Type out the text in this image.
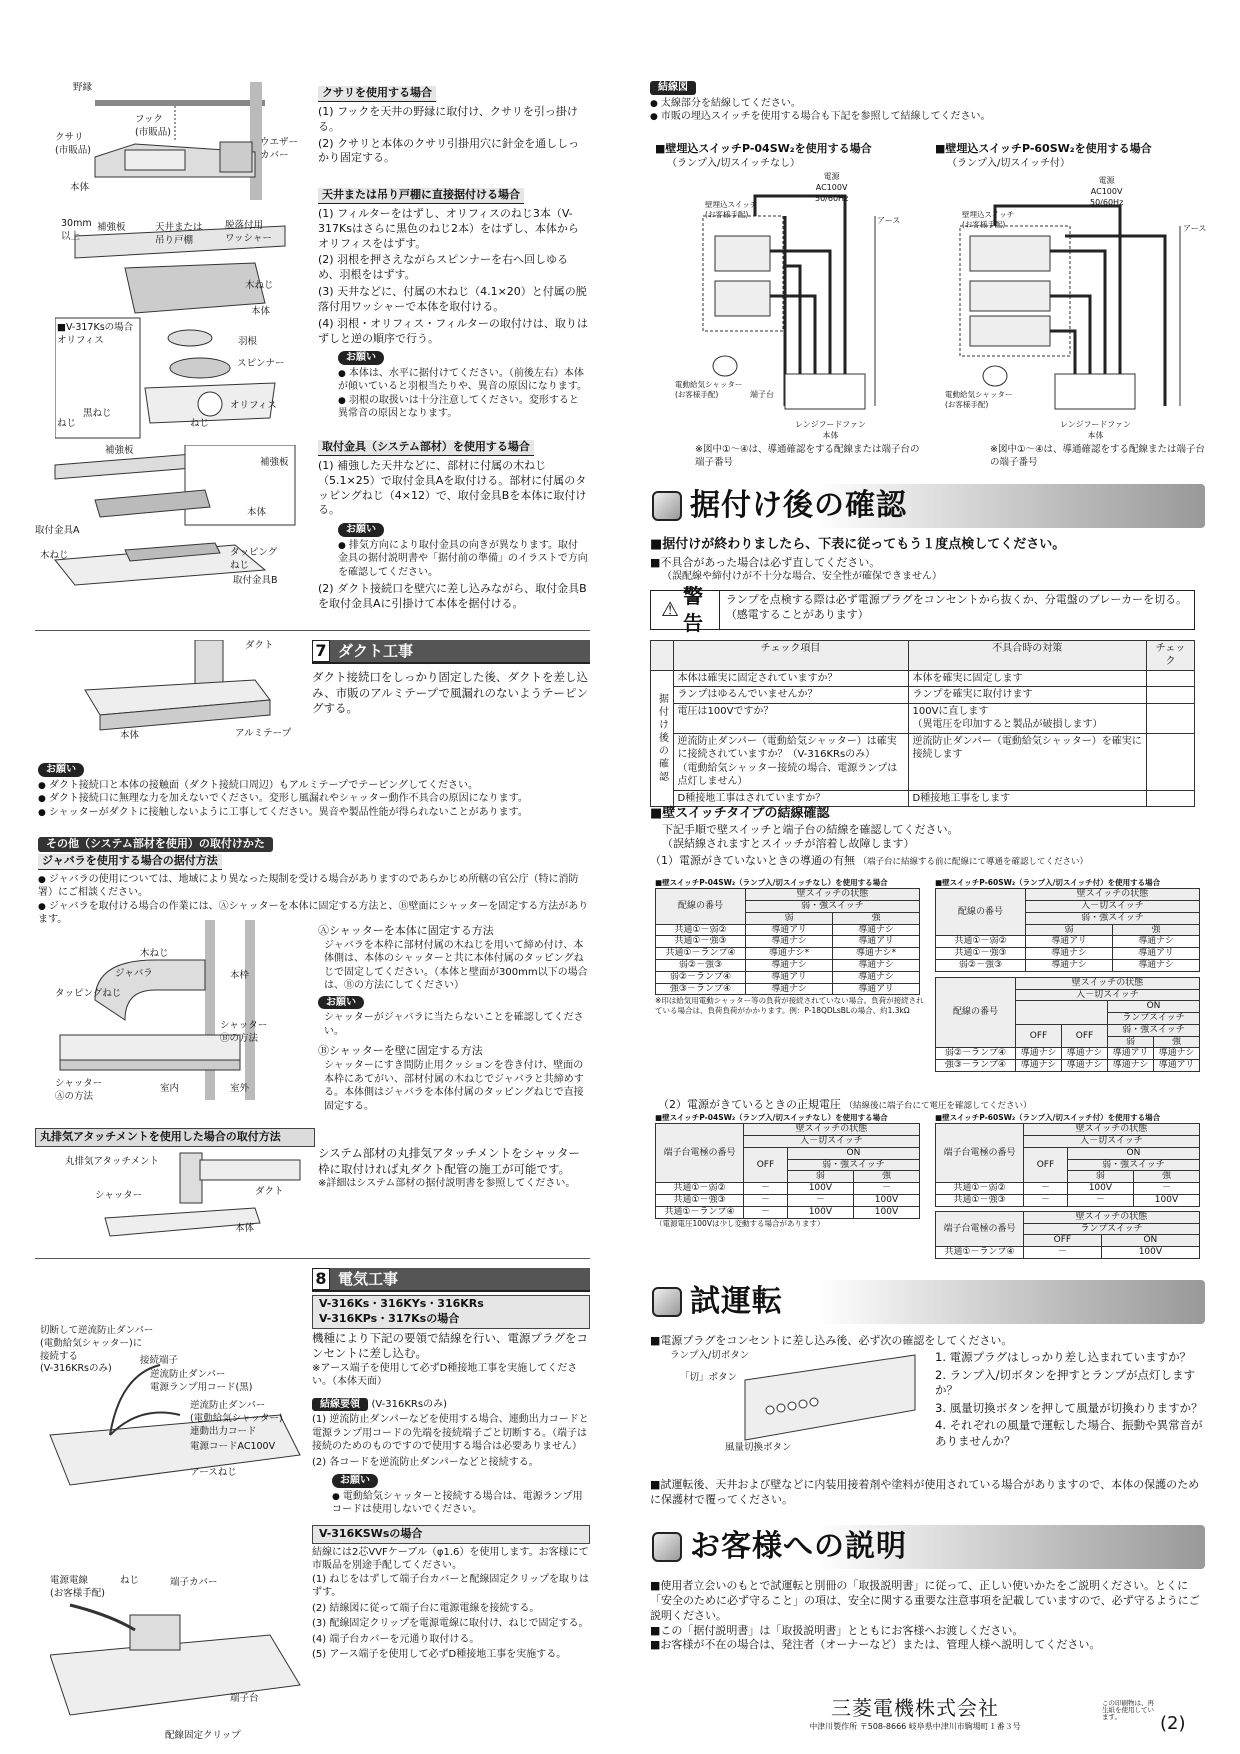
野縁
フック
(市販品)
クサリ
(市販品)
ウエザー
カバー
本体
クサリを使用する場合
(1) フックを天井の野縁に取付け、クサリを引っ掛ける。
(2) クサリと本体のクサリ引掛用穴に針金を通ししっかり固定する。
30mm
以上
補強板	天井または
吊り戸棚
脱落付用
ワッシャー
木ねじ
本体
■V-317Ksの場合
オリフィス	羽根
スピンナー
ねじ
黒ねじ
ねじ
オリフィス
天井または吊り戸棚に直接据付ける場合
(1) フィルターをはずし、オリフィスのねじ3本（V-317Ksはさらに黒色のねじ2本）をはずし、本体からオリフィスをはずす。
(2) 羽根を押さえながらスピンナーを右へ回しゆるめ、羽根をはずす。
(3) 天井などに、付属の木ねじ（4.1×20）と付属の脱落付用ワッシャーで本体を取付ける。
(4) 羽根・オリフィス・フィルターの取付けは、取りはずしと逆の順序で行う。
お願い
● 本体は、水平に据付けてください。（前後左右）本体が傾いていると羽根当たりや、異音の原因になります。
● 羽根の取扱いは十分注意してください。変形すると異常音の原因となります。
補強板
補強板
本体
取付金具A
木ねじ	タッピング
ねじ
取付金具B
取付金具（システム部材）を使用する場合
(1) 補強した天井などに、部材に付属の木ねじ（5.1×25）で取付金具Aを取付ける。部材に付属のタッピングねじ（4×12）で、取付金具Bを本体に取付ける。
お願い
● 排気方向により取付金具の向きが異なります。取付金具の据付説明書や「据付前の準備」のイラストで方向を確認してください。
(2) ダクト接続口を壁穴に差し込みながら、取付金具Bを取付金具Aに引掛けて本体を据付ける。
7 ダクト工事

ダクト接続口をしっかり固定した後、ダクトを差し込み、市販のアルミテープで風漏れのないようテーピングする。

ダクト
本体	アルミテープ
お願い
● ダクト接続口と本体の接触面（ダクト接続口周辺）もアルミテープでテーピングしてください。
● ダクト接続口に無理な力を加えないでください。変形し風漏れやシャッター動作不具合の原因になります。
● シャッターがダクトに接触しないように工事してください。異音や製品性能が得られないことがあります。
その他（システム部材を使用）の取付けかた
ジャバラを使用する場合の据付方法
● ジャバラの使用については、地域により異なった規制を受ける場合がありますのであらかじめ所轄の官公庁（特に消防署）にご相談ください。
● ジャバラを取付ける場合の作業には、Ⓐシャッターを本体に固定する方法と、Ⓑ壁面にシャッターを固定する方法があります。
木ねじ
ジャバラ	本枠
タッピングねじ
シャッター
Ⓑの方法
シャッター
Ⓐの方法
室内	室外
Ⓐシャッターを本体に固定する方法

ジャバラを本枠に部材付属の木ねじを用いて締め付け、本体側は、本体のシャッターと共に本体付属のタッピングねじで固定してください。（本体と壁面が300mm以下の場合は、Ⓑの方法にしてください）

お願い

シャッターがジャバラに当たらないことを確認してください。

Ⓑシャッターを壁に固定する方法

シャッターにすき間防止用クッションを巻き付け、壁面の本枠にあてがい、部材付属の木ねじでジャバラと共締めする。本体側はジャバラを本体付属のタッピングねじで直接固定する。

丸排気アタッチメントを使用した場合の取付方法
丸排気アタッチメント
シャッター	ダクト
本体

システム部材の丸排気アタッチメントをシャッター枠に取付ければ丸ダクト配管の施工が可能です。

※詳細はシステム部材の据付説明書を参照してください。

8 電気工事
V-316Ks・316KYs・316KRs
V-316KPs・317Ksの場合

機種により下記の要領で結線を行い、電源プラグをコンセントに差し込む。

※アース端子を使用して必ずD種接地工事を実施してください。（本体天面）

結線要領 (V-316KRsのみ)
(1) 逆流防止ダンパーなどを使用する場合、連動出力コードと電源ランプ用コードの先端を接続端子ごと切断する。（端子は接続のためのものですので使用する場合は必要ありません）
(2) 各コードを逆流防止ダンパーなどと接続する。
お願い
● 電動給気シャッターと接続する場合は、電源ランプ用コードは使用しないでください。
V-316KSWsの場合

結線には2芯VVFケーブル（φ1.6）を使用します。お客様にて市販品を別途手配してください。

(1) ねじをはずして端子台カバーと配線固定クリップを取りはずす。
(2) 結線図に従って端子台に電源電線を接続する。
(3) 配線固定クリップを電源電線に取付け、ねじで固定する。
(4) 端子台カバーを元通り取付ける。
(5) アース端子を使用して必ずD種接地工事を実施する。
切断して逆流防止ダンパー
(電動給気シャッター)に
接続する
(V-316KRsのみ)
接続端子
逆流防止ダンパー
電源ランプ用コード(黒)
逆流防止ダンパー
(電動給気シャッター)
連動出力コード
電源コードAC100V
アースねじ
電源電線
(お客様手配)
ねじ	端子カバー
端子台
配線固定クリップ
結線図
● 太線部分を結線してください。
● 市販の埋込スイッチを使用する場合も下記を参照して結線してください。
■壁埋込スイッチP-04SW₂を使用する場合
（ランプ入/切スイッチなし）
電源
AC100V
50/60Hz
アース
壁埋込スイッチ
(お客様手配)
電動給気シャッター
(お客様手配)	端子台
レンジフードファン
本体
※図中①～④は、導通確認をする配線または端子台の端子番号
■壁埋込スイッチP-60SW₂を使用する場合
（ランプ入/切スイッチ付）
電源
AC100V
50/60Hz
アース
壁埋込スイッチ
(お客様手配)
電動給気シャッター
(お客様手配)
レンジフードファン
本体
※図中①～④は、導通確認をする配線または端子台の端子番号
据付け後の確認
■据付けが終わりましたら、下表に従ってもう１度点検してください。
■不具合があった場合は必ず直してください。
（誤配線や締付けが不十分な場合、安全性が確保できません）
⚠
警告
ランプを点検する際は必ず電源プラグをコンセントから抜くか、分電盤のブレーカーを切る。（感電することがあります）
	チェック項目	不具合時の対策	チェック
据付け後の確認	本体は確実に固定されていますか？	本体を確実に固定します	
	ランプはゆるんでいませんか？	ランプを確実に取付けます	
	電圧は100Vですか？	100Vに直します
（異電圧を印加すると製品が破損します）	
	逆流防止ダンパー（電動給気シャッター）は確実に接続されていますか？（V-316KRsのみ）
（電動給気シャッター接続の場合、電源ランプは点灯しません）	逆流防止ダンパー（電動給気シャッター）を確実に接続します	
	D種接地工事はされていますか？	D種接地工事をします	
■壁スイッチタイプの結線確認
下記手順で壁スイッチと端子台の結線を確認してください。
（誤結線されますとスイッチが溶着し故障します）
（1）電源がきていないときの導通の有無 （端子台に結線する前に配線にて導通を確認してください）
■壁スイッチP-04SW₂（ランプ入/切スイッチなし）を使用する場合
配線の番号	壁スイッチの状態	
	弱・強スイッチ	
	弱	強
共通①－弱②	導通アリ	導通ナシ
共通①－強③	導通ナシ	導通アリ
共通①－ランプ④	導通ナシ*	導通ナシ*
弱②－強③	導通ナシ	導通ナシ
弱②－ランプ④	導通アリ	導通ナシ
強③－ランプ④	導通ナシ	導通アリ
※印は給気用電動シャッター等の負荷が接続されていない場合。負荷が接続されている場合は、負荷負荷がかかります。例：P-18QDLsBLの場合、約1.3kΩ
■壁スイッチP-60SW₂（ランプ入/切スイッチ付）を使用する場合
配線の番号	壁スイッチの状態	
	入－切スイッチ	
	弱・強スイッチ	
	弱	強
共通①－弱②	導通アリ	導通ナシ
共通①－強③	導通ナシ	導通アリ
弱②－強③	導通ナシ	導通ナシ
配線の番号	壁スイッチの状態			
	入－切スイッチ			
			ON	
			ランプスイッチ	
	OFF	OFF	弱・強スイッチ	
			弱	強
弱②－ランプ④	導通ナシ	導通ナシ	導通アリ	導通ナシ
強③－ランプ④	導通ナシ	導通ナシ	導通ナシ	導通アリ
（2）電源がきているときの正規電圧 （結線後に端子台にて電圧を確認してください）
■壁スイッチP-04SW₂（ランプ入/切スイッチなし）を使用する場合
端子台電極の番号	壁スイッチの状態		
	入－切スイッチ		
	OFF	ON	
		弱・強スイッチ	
		弱	強
共通①－弱②	－	100V	－
共通①－強③	－	－	100V
共通①－ランプ④	－	100V	100V
（電源電圧100Vは少し変動する場合があります）
■壁スイッチP-60SW₂（ランプ入/切スイッチ付）を使用する場合
端子台電極の番号	壁スイッチの状態		
	入－切スイッチ		
	OFF	ON	
		弱・強スイッチ	
		弱	強
共通①－弱②	－	100V	－
共通①－強③	－	－	100V
端子台電極の番号	壁スイッチの状態	
	ランプスイッチ	
	OFF	ON
共通①－ランプ④	－	100V
試運転
■電源プラグをコンセントに差し込み後、必ず次の確認をしてください。
ランプ入/切ボタン
「切」ボタン
風量切換ボタン
1. 電源プラグはしっかり差し込まれていますか？
2. ランプ入/切ボタンを押すとランプが点灯しますか？
3. 風量切換ボタンを押して風量が切換わりますか？
4. それぞれの風量で運転した場合、振動や異常音がありませんか？
■試運転後、天井および壁などに内装用接着剤や塗料が使用されている場合がありますので、本体の保護のために保護材で覆ってください。
お客様への説明

■使用者立会いのもとで試運転と別冊の「取扱説明書」に従って、正しい使いかたをご説明ください。とくに「安全のために必ず守ること」の項は、安全に関する重要な注意事項を記載していますので、必ず守るようにご説明ください。

■この「据付説明書」は「取扱説明書」とともにお客様へお渡しください。

■お客様が不在の場合は、発注者（オーナーなど）または、管理人様へ説明してください。

三菱電機株式会社
中津川製作所 〒508-8666 岐阜県中津川市駒場町１番３号
この印刷物は、再生紙を使用しています。	(2)
